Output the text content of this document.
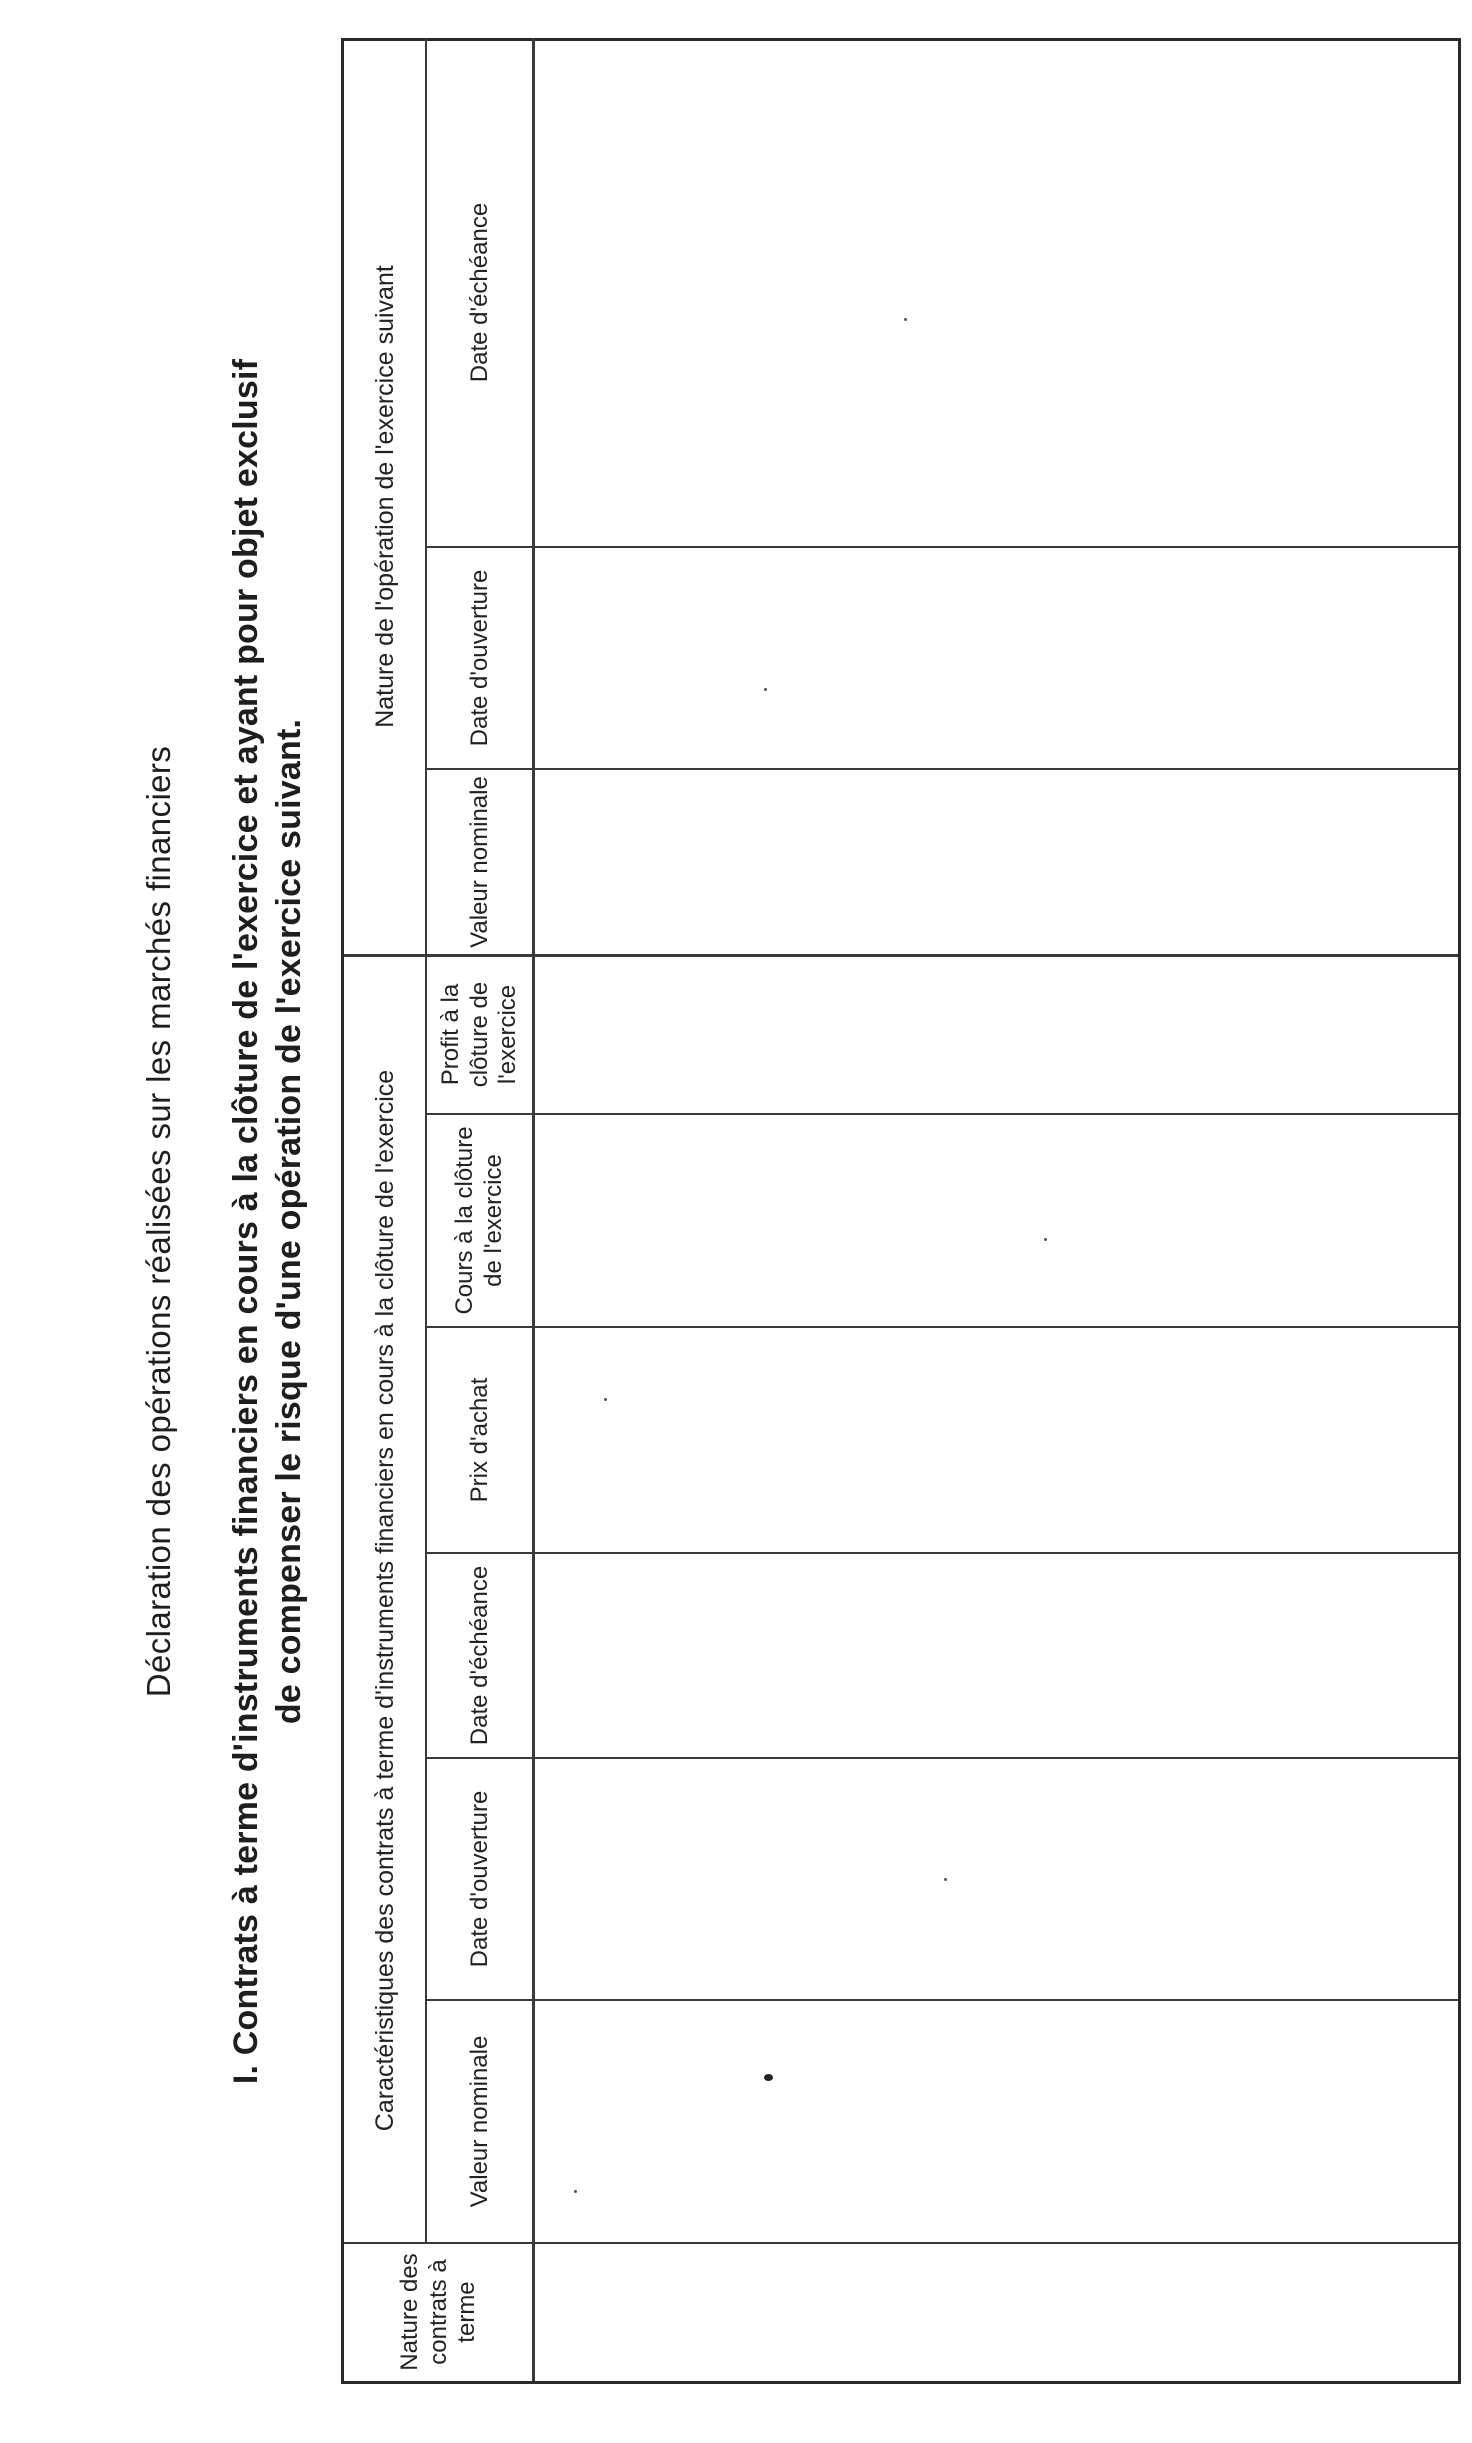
Déclaration des opérations réalisées sur les marchés financiers I. Contrats à terme d'instruments financiers en cours à la clôture de l'exercice et ayant pour objet exclusif de compenser le risque d'une opération de l'exercice suivant.	Caractéristiques des contrats à terme d'instruments financiers en cours à la clôture de l'exercice
Nature de l'opération de l'exercice suivant
Nature des contrats à terme
Valeur nominale
Date d'ouverture
Date d'échéance
Prix d'achat
Cours à la clôture de l'exercice
Profit à la clôture de l'exercice
Valeur nominale
Date d'ouverture
Date d'échéance
